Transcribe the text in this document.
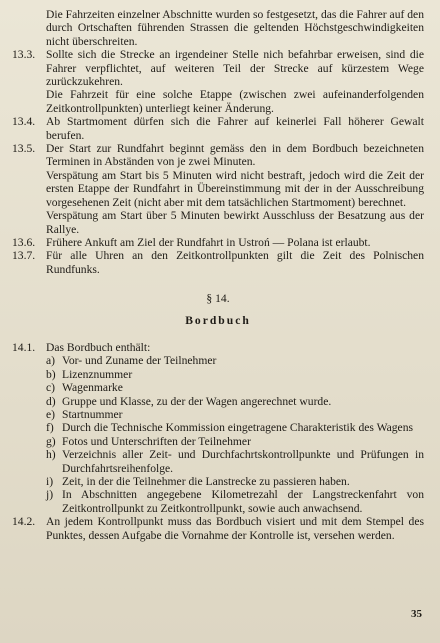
Die Fahrzeiten einzelner Abschnitte wurden so festgesetzt, das die Fahrer auf den durch Ortschaften führenden Strassen die geltenden Höchstgeschwindigkeiten nicht überschreiten.

13.3. Sollte sich die Strecke an irgendeiner Stelle nich befahrbar erweisen, sind die Fahrer verpflichtet, auf weiteren Teil der Strecke auf kürzestem Wege zurückzukehren.
Die Fahrzeit für eine solche Etappe (zwischen zwei aufeinanderfolgenden Zeitkontrollpunkten) unterliegt keiner Änderung.
13.4. Ab Startmoment dürfen sich die Fahrer auf keinerlei Fall höherer Gewalt berufen.
13.5. Der Start zur Rundfahrt beginnt gemäss den in dem Bordbuch bezeichneten Terminen in Abständen von je zwei Minuten.
Verspätung am Start bis 5 Minuten wird nicht bestraft, jedoch wird die Zeit der ersten Etappe der Rundfahrt in Übereinstimmung mit der in der Ausschreibung vorgesehenen Zeit (nicht aber mit dem tatsächlichen Startmoment) berechnet.
Verspätung am Start über 5 Minuten bewirkt Ausschluss der Besatzung aus der Rallye.
13.6. Frühere Ankuft am Ziel der Rundfahrt in Ustroń — Polana ist erlaubt.
13.7. Für alle Uhren an den Zeitkontrollpunkten gilt die Zeit des Polnischen Rundfunks.
§ 14.
Bordbuch
14.1. Das Bordbuch enthält:
a) Vor- und Zuname der Teilnehmer
b) Lizenznummer
c) Wagenmarke
d) Gruppe und Klasse, zu der der Wagen angerechnet wurde.
e) Startnummer
f) Durch die Technische Kommission eingetragene Charakteristik des Wagens
g) Fotos und Unterschriften der Teilnehmer
h) Verzeichnis aller Zeit- und Durchfachrtskontrollpunkte und Prüfungen in Durchfahrtsreihenfolge.
i) Zeit, in der die Teilnehmer die Lanstrecke zu passieren haben.
j) In Abschnitten angegebene Kilometrezahl der Langstreckenfahrt von Zeitkontrollpunkt zu Zeitkontrollpunkt, sowie auch anwachsend.
14.2. An jedem Kontrollpunkt muss das Bordbuch visiert und mit dem Stempel des Punktes, dessen Aufgabe die Vornahme der Kontrolle ist, versehen werden.
35
